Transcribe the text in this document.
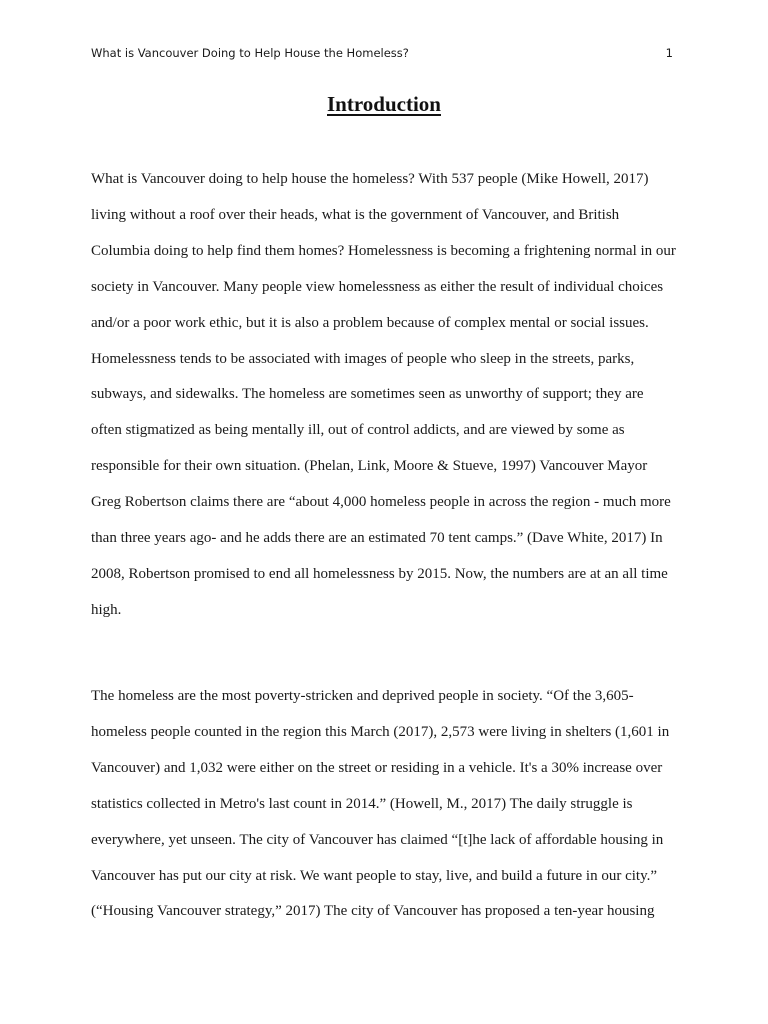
What is Vancouver Doing to Help House the Homeless?	1
Introduction

What is Vancouver doing to help house the homeless? With 537 people (Mike Howell, 2017)
living without a roof over their heads, what is the government of Vancouver, and British
Columbia doing to help find them homes? Homelessness is becoming a frightening normal in our
society in Vancouver. Many people view homelessness as either the result of individual choices
and/or a poor work ethic, but it is also a problem because of complex mental or social issues.
Homelessness tends to be associated with images of people who sleep in the streets, parks,
subways, and sidewalks. The homeless are sometimes seen as unworthy of support; they are
often stigmatized as being mentally ill, out of control addicts, and are viewed by some as
responsible for their own situation. (Phelan, Link, Moore & Stueve, 1997) Vancouver Mayor
Greg Robertson claims there are “about 4,000 homeless people in across the region - much more
than three years ago- and he adds there are an estimated 70 tent camps.” (Dave White, 2017) In
2008, Robertson promised to end all homelessness by 2015. Now, the numbers are at an all time
high.

The homeless are the most poverty-stricken and deprived people in society. “Of the 3,605-
homeless people counted in the region this March (2017), 2,573 were living in shelters (1,601 in
Vancouver) and 1,032 were either on the street or residing in a vehicle. It's a 30% increase over
statistics collected in Metro's last count in 2014.” (Howell, M., 2017) The daily struggle is
everywhere, yet unseen. The city of Vancouver has claimed “[t]he lack of affordable housing in
Vancouver has put our city at risk. We want people to stay, live, and build a future in our city.”
(“Housing Vancouver strategy,” 2017) The city of Vancouver has proposed a ten-year housing
